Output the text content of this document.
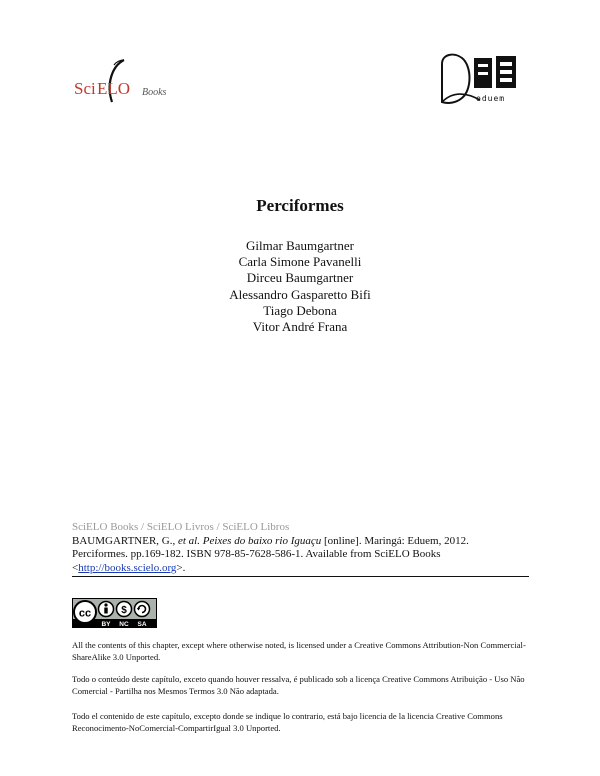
Sci ELO Books
eduem
Perciformes
Gilmar Baumgartner
Carla Simone Pavanelli
Dirceu Baumgartner
Alessandro Gasparetto Bifi
Tiago Debona
Vitor André Frana
SciELO Books / SciELO Livros / SciELO Libros
BAUMGARTNER, G., et al. Peixes do baixo rio Iguaçu [online]. Maringá: Eduem, 2012.
Perciformes. pp.169-182. ISBN 978-85-7628-586-1. Available from SciELO Books
<http://books.scielo.org>.
cc	$
BY NC SA
All the contents of this chapter, except where otherwise noted, is licensed under a Creative Commons Attribution-Non Commercial-ShareAlike 3.0 Unported.
Todo o conteúdo deste capítulo, exceto quando houver ressalva, é publicado sob a licença Creative Commons Atribuição - Uso Não Comercial - Partilha nos Mesmos Termos 3.0 Não adaptada.
Todo el contenido de este capítulo, excepto donde se indique lo contrario, está bajo licencia de la licencia Creative Commons Reconocimento-NoComercial-CompartirIgual 3.0 Unported.
